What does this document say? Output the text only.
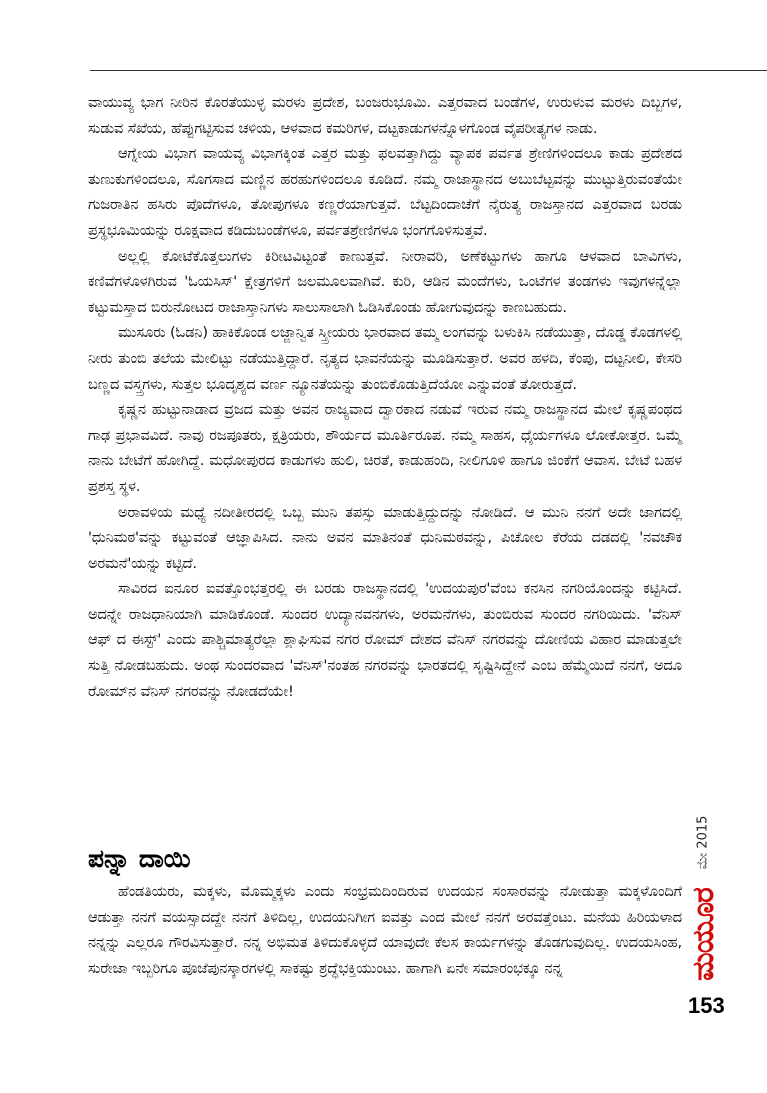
ವಾಯುವ್ಯ ಭಾಗ ನೀರಿನ ಕೊರತೆಯುಳ್ಳ ಮರಳು ಪ್ರದೇಶ, ಬಂಜರುಭೂಮಿ. ಎತ್ತರವಾದ ಬಂಡೆಗಳ, ಉರುಳುವ ಮರಳು ದಿಬ್ಬಗಳ, ಸುಡುವ ಸೆಖೆಯ, ಹೆಪ್ಪುಗಟ್ಟಿಸುವ ಚಳಿಯ, ಆಳವಾದ ಕಮರಿಗಳ, ದಟ್ಟಕಾಡುಗಳನ್ನೊಳಗೊಂಡ ವೈಪರೀತ್ಯಗಳ ನಾಡು.

ಆಗ್ನೇಯ ವಿಭಾಗ ವಾಯವ್ಯ ವಿಭಾಗಕ್ಕಿಂತ ಎತ್ತರ ಮತ್ತು ಫಲವತ್ತಾಗಿದ್ದು ವ್ಯಾಪಕ ಪರ್ವತ ಶ್ರೇಣಿಗಳಿಂದಲೂ ಕಾಡು ಪ್ರದೇಶದ ತುಣುಕುಗಳಿಂದಲೂ, ಸೊಗಸಾದ ಮಣ್ಣಿನ ಹರಹುಗಳಿಂದಲೂ ಕೂಡಿದೆ. ನಮ್ಮ ರಾಜಾಸ್ಥಾನದ ಅಬುಬೆಟ್ಟವನ್ನು ಮುಟ್ಟುತ್ತಿರುವಂತೆಯೇ ಗುಜರಾತಿನ ಹಸಿರು ಪೊದೆಗಳೂ, ತೋಪುಗಳೂ ಕಣ್ಣರೆಯಾಗುತ್ತವೆ. ಬೆಟ್ಟದಿಂದಾಚೆಗೆ ನೈರುತ್ಯ ರಾಜಸ್ತಾನದ ಎತ್ತರವಾದ ಬರಡು ಪ್ರಸ್ಥಭೂಮಿಯನ್ನು ರೂಕ್ಷವಾದ ಕಡಿದುಬಂಡೆಗಳೂ, ಪರ್ವತಶ್ರೇಣಿಗಳೂ ಭಂಗಗೊಳಿಸುತ್ತವೆ.

ಅಲ್ಲಲ್ಲಿ ಕೋಟೆಕೊತ್ತಲುಗಳು ಕಿರೀಟವಿಟ್ಟಂತೆ ಕಾಣುತ್ತವೆ. ನೀರಾವರಿ, ಅಣೆಕಟ್ಟುಗಳು ಹಾಗೂ ಆಳವಾದ ಬಾವಿಗಳು, ಕಣಿವೆಗಳೊಳಗಿರುವ 'ಓಯಸಿಸ್' ಕ್ಷೇತ್ರಗಳಿಗೆ ಜಲಮೂಲವಾಗಿವೆ. ಕುರಿ, ಆಡಿನ ಮಂದೆಗಳು, ಒಂಟೆಗಳ ತಂಡಗಳು ಇವುಗಳನ್ನೆಲ್ಲಾ ಕಟ್ಟುಮಸ್ತಾದ ಬಿರುನೋಟದ ರಾಜಾಸ್ತಾನಿಗಳು ಸಾಲುಸಾಲಾಗಿ ಓಡಿಸಿಕೊಂಡು ಹೋಗುವುದನ್ನು ಕಾಣಬಹುದು.

ಮುಸೂರು (ಓಡನಿ) ಹಾಕಿಕೊಂಡ ಲಜ್ಜಾನ್ವಿತ ಸ್ತ್ರೀಯರು ಭಾರವಾದ ತಮ್ಮ ಲಂಗವನ್ನು ಬಳುಕಿಸಿ ನಡೆಯುತ್ತಾ, ದೊಡ್ಡ ಕೊಡಗಳಲ್ಲಿ ನೀರು ತುಂಬಿ ತಲೆಯ ಮೇಲಿಟ್ಟು ನಡೆಯುತ್ತಿದ್ದಾರೆ. ನೃತ್ಯದ ಭಾವನೆಯನ್ನು ಮೂಡಿಸುತ್ತಾರೆ. ಅವರ ಹಳದಿ, ಕೆಂಪು, ದಟ್ಟನೀಲಿ, ಕೇಸರಿ ಬಣ್ಣದ ವಸ್ತ್ರಗಳು, ಸುತ್ತಲ ಭೂದೃಶ್ಯದ ವರ್ಣ ನ್ಯೂನತೆಯನ್ನು ತುಂಬಿಕೊಡುತ್ತಿದೆಯೋ ಎನ್ನುವಂತೆ ತೋರುತ್ತದೆ.

ಕೃಷ್ಣನ ಹುಟ್ಟುನಾಡಾದ ವ್ರಜದ ಮತ್ತು ಅವನ ರಾಜ್ಯವಾದ ದ್ವಾರಕಾದ ನಡುವೆ ಇರುವ ನಮ್ಮ ರಾಜಸ್ಥಾನದ ಮೇಲೆ ಕೃಷ್ಣಪಂಥದ ಗಾಢ ಪ್ರಭಾವವಿದೆ. ನಾವು ರಜಪೂತರು, ಕ್ಷತ್ರಿಯರು, ಶೌರ್ಯದ ಮೂರ್ತಿರೂಪ. ನಮ್ಮ ಸಾಹಸ, ಧೈರ್ಯಗಳೂ ಲೋಕೋತ್ತರ. ಒಮ್ಮೆ ನಾನು ಬೇಟೆಗೆ ಹೋಗಿದ್ದೆ. ಮಧೋಪುರದ ಕಾಡುಗಳು ಹುಲಿ, ಚಿರತೆ, ಕಾಡುಹಂದಿ, ನೀಲಿಗೂಳಿ ಹಾಗೂ ಜಿಂಕೆಗೆ ಆವಾಸ. ಬೇಟೆ ಬಹಳ ಪ್ರಶಸ್ತ ಸ್ಥಳ.

ಅರಾವಳಿಯ ಮಧ್ಯೆ ನದೀತೀರದಲ್ಲಿ ಒಬ್ಬ ಮುನಿ ತಪಸ್ಸು ಮಾಡುತ್ತಿದ್ದುದನ್ನು ನೋಡಿದೆ. ಆ ಮುನಿ ನನಗೆ ಅದೇ ಜಾಗದಲ್ಲಿ 'ಧುನಿಮಠ'ವನ್ನು ಕಟ್ಟುವಂತೆ ಆಜ್ಞಾಪಿಸಿದ. ನಾನು ಅವನ ಮಾತಿನಂತೆ ಧುನಿಮಠವನ್ನು, ಪಿಚೋಲ ಕೆರೆಯ ದಡದಲ್ಲಿ 'ನವಚೌಕ ಅರಮನೆ'ಯನ್ನು ಕಟ್ಟಿದೆ.

ಸಾವಿರದ ಐನೂರ ಐವತ್ತೊಂಭತ್ತರಲ್ಲಿ ಈ ಬರಡು ರಾಜಸ್ಥಾನದಲ್ಲಿ 'ಉದಯಪುರ'ವೆಂಬ ಕನಸಿನ ನಗರಿಯೊಂದನ್ನು ಕಟ್ಟಿಸಿದೆ. ಅದನ್ನೇ ರಾಜಧಾನಿಯಾಗಿ ಮಾಡಿಕೊಂಡೆ. ಸುಂದರ ಉದ್ಯಾನವನಗಳು, ಅರಮನೆಗಳು, ತುಂಬಿರುವ ಸುಂದರ ನಗರಿಯಿದು. 'ವೆನಿಸ್ ಆಫ್ ದ ಈಸ್ಟ್' ಎಂದು ಪಾಶ್ಚಿಮಾತ್ಯರೆಲ್ಲಾ ಶ್ಲಾಘಿಸುವ ನಗರ ರೋಮ್ ದೇಶದ ವೆನಿಸ್ ನಗರವನ್ನು ದೋಣಿಯ ವಿಹಾರ ಮಾಡುತ್ತಲೇ ಸುತ್ತಿ ನೋಡಬಹುದು. ಅಂಥ ಸುಂದರವಾದ 'ವೆನಿಸ್'ನಂತಹ ನಗರವನ್ನು ಭಾರತದಲ್ಲಿ ಸೃಷ್ಟಿಸಿದ್ದೇನೆ ಎಂಬ ಹೆಮ್ಮೆಯಿದೆ ನನಗೆ, ಅದೂ ರೋಮ್‌ನ ವೆನಿಸ್ ನಗರವನ್ನು ನೋಡದೆಯೇ!

ಪನ್ನಾ ದಾಯಿ

ಹೆಂಡತಿಯರು, ಮಕ್ಕಳು, ಮೊಮ್ಮಕ್ಕಳು ಎಂದು ಸಂಭ್ರಮದಿಂದಿರುವ ಉದಯನ ಸಂಸಾರವನ್ನು ನೋಡುತ್ತಾ ಮಕ್ಕಳೊಂದಿಗೆ ಆಡುತ್ತಾ ನನಗೆ ವಯಸ್ಸಾದದ್ದೇ ನನಗೆ ತಿಳಿದಿಲ್ಲ, ಉದಯನಿಗೀಗ ಐವತ್ತು ಎಂದ ಮೇಲೆ ನನಗೆ ಅರವತ್ತೆಂಟು. ಮನೆಯ ಹಿರಿಯಳಾದ ನನ್ನನ್ನು ಎಲ್ಲರೂ ಗೌರವಿಸುತ್ತಾರೆ. ನನ್ನ ಅಭಿಮತ ತಿಳಿದುಕೊಳ್ಳದೆ ಯಾವುದೇ ಕೆಲಸ ಕಾರ್ಯಗಳನ್ನು ತೊಡಗುವುದಿಲ್ಲ. ಉದಯಸಿಂಹ, ಸುರೇಜಾ ಇಬ್ಬರಿಗೂ ಪೂಜೆಪುನಸ್ಕಾರಗಳಲ್ಲಿ ಸಾಕಷ್ಟು ಶ್ರದ್ಧೆಭಕ್ತಿಯುಂಟು. ಹಾಗಾಗಿ ಏನೇ ಸಮಾರಂಭಕ್ಕೂ ನನ್ನ

ಮೇ 2015
ಮಯೂರ
153
